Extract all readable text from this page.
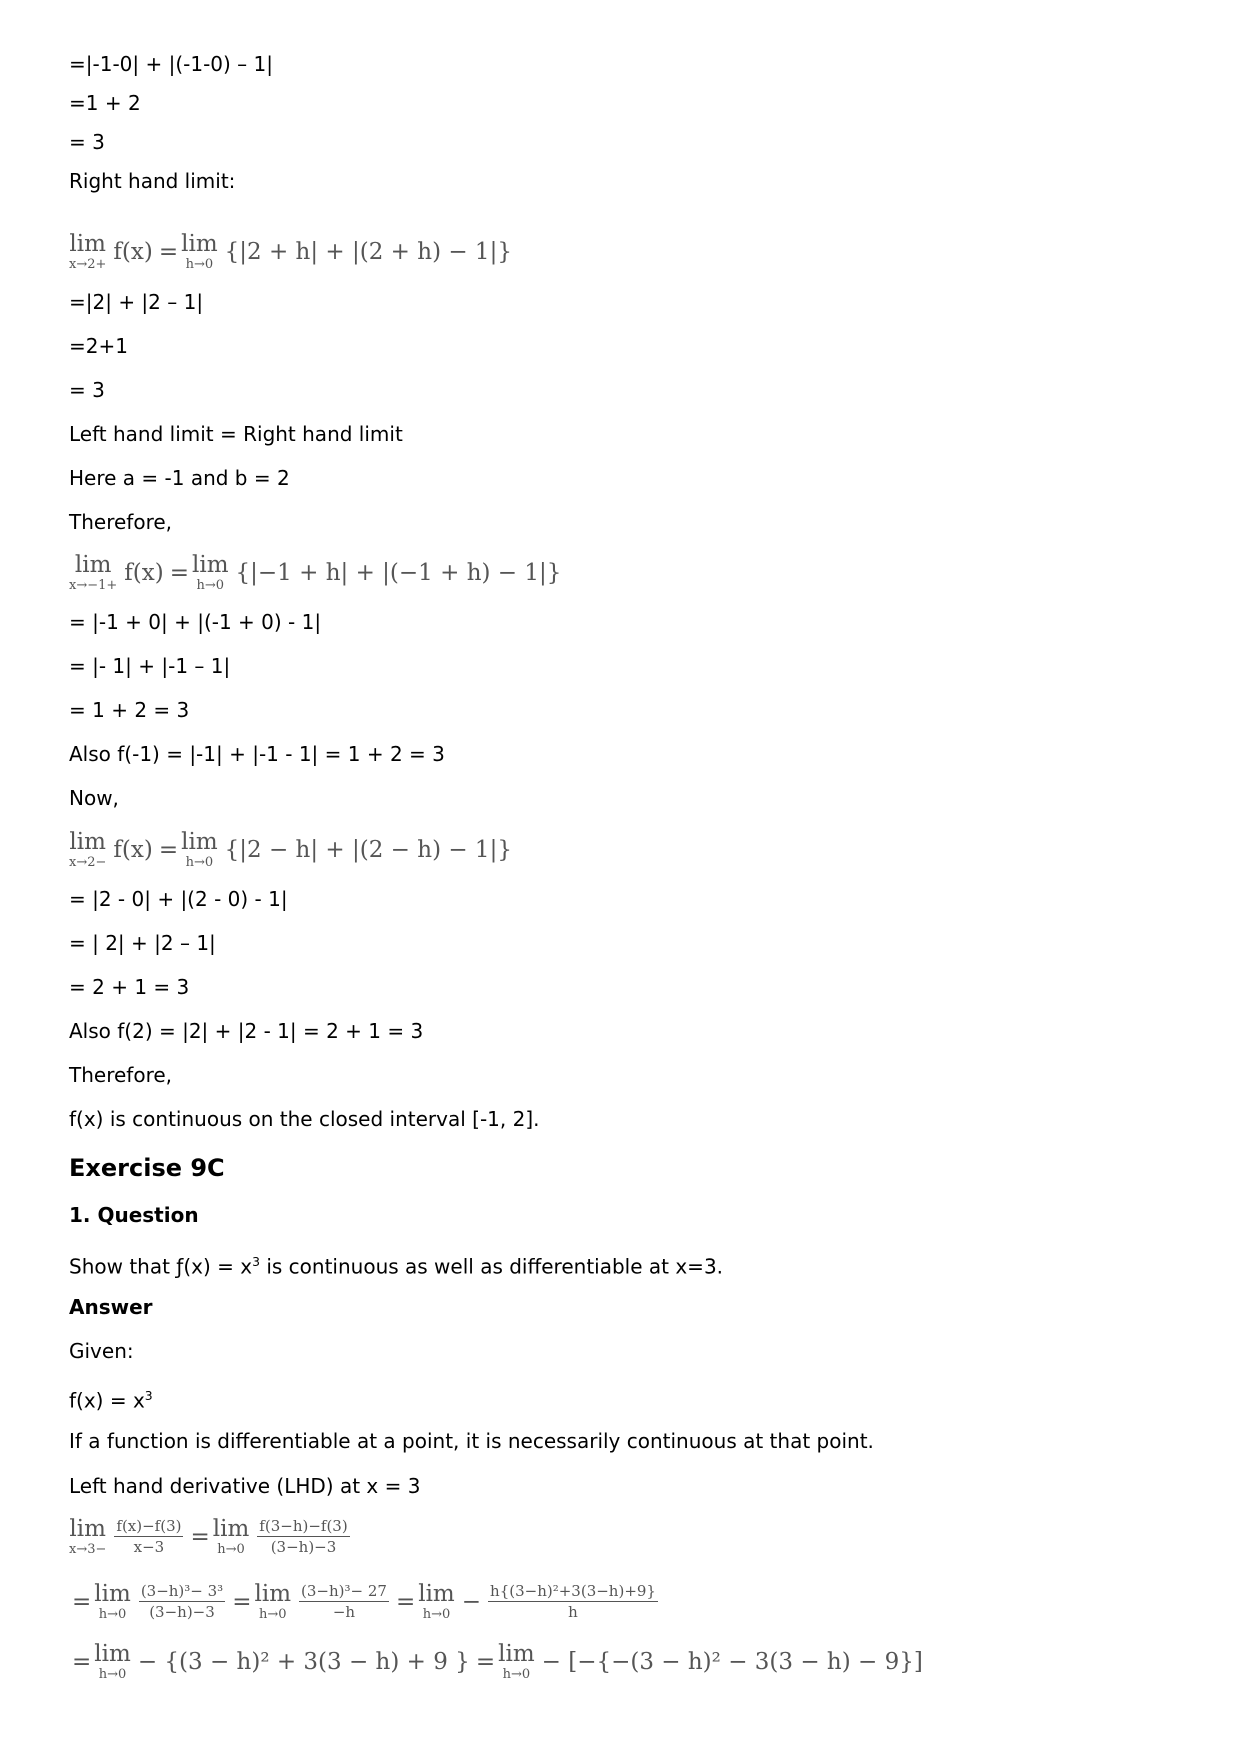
=|-1-0| + |(-1-0) – 1|
=1 + 2
= 3
Right hand limit:
lim
x→2+ f(x) = lim
h→0 {|2 + h| + |(2 + h) − 1|}
=|2| + |2 – 1|
=2+1
= 3
Left hand limit = Right hand limit
Here a = -1 and b = 2
Therefore,
lim
x→−1+ f(x) = lim
h→0 {|−1 + h| + |(−1 + h) − 1|}
= |-1 + 0| + |(-1 + 0) - 1|
= |- 1| + |-1 – 1|
= 1 + 2 = 3
Also f(-1) = |-1| + |-1 - 1| = 1 + 2 = 3
Now,
lim
x→2− f(x) = lim
h→0 {|2 − h| + |(2 − h) − 1|}
= |2 - 0| + |(2 - 0) - 1|
= | 2| + |2 – 1|
= 2 + 1 = 3
Also f(2) = |2| + |2 - 1| = 2 + 1 = 3
Therefore,
f(x) is continuous on the closed interval [-1, 2].
Exercise 9C
1. Question
Show that ƒ(x) = $x^3$ is continuous as well as differentiable at x=3.
Answer
Given:
$f(x) = x^3$
If a function is differentiable at a point, it is necessarily continuous at that point.
Left hand derivative (LHD) at x = 3
lim
$x\to 3- \frac{f(x)-f(3)}{x-3} = \lim$
$h\to 0 \frac{f(3-h)-f(3)}{(3-h)-3}$
= lim
$h\to 0 \frac{\text{(3−h)³− 3³}}{(3-h)-3} = \lim$
$h\to 0 \frac{\text{(3−h)³− 27}}{-h} = \lim$
$h\to 0 - \frac{\text{h\{(3−h)²+3(3−h)+9\}}}{h}$
= lim
h→0 − {(3 − h)² + 3(3 − h) + 9 } = lim
h→0 − [−{−(3 − h)² − 3(3 − h) − 9}]
